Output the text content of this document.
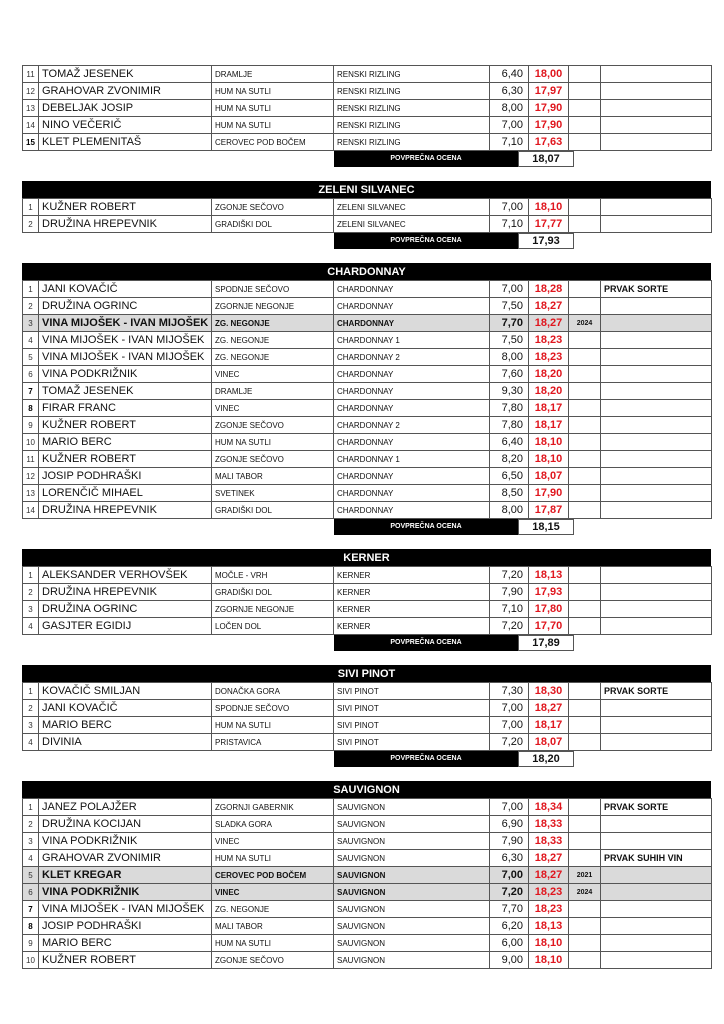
11	TOMAŽ JESENEK	DRAMLJE	RENSKI RIZLING	6,40	18,00		
12	GRAHOVAR ZVONIMIR	HUM NA SUTLI	RENSKI RIZLING	6,30	17,97		
13	DEBELJAK JOSIP	HUM NA SUTLI	RENSKI RIZLING	8,00	17,90		
14	NINO VEČERIČ	HUM NA SUTLI	RENSKI RIZLING	7,00	17,90		
15	KLET PLEMENITAŠ	CEROVEC POD BOČEM	RENSKI RIZLING	7,10	17,63		
POVPREČNA OCENA	18,07
ZELENI SILVANEC
1	KUŽNER ROBERT	ZGONJE SEČOVO	ZELENI SILVANEC	7,00	18,10		
2	DRUŽINA HREPEVNIK	GRADIŠKI DOL	ZELENI SILVANEC	7,10	17,77		
POVPREČNA OCENA	17,93
CHARDONNAY
1	JANI KOVAČIČ	SPODNJE SEČOVO	CHARDONNAY	7,00	18,28		PRVAK SORTE
2	DRUŽINA OGRINC	ZGORNJE NEGONJE	CHARDONNAY	7,50	18,27		
3	VINA MIJOŠEK - IVAN MIJOŠEK	ZG. NEGONJE	CHARDONNAY	7,70	18,27	2024	
4	VINA MIJOŠEK - IVAN MIJOŠEK	ZG. NEGONJE	CHARDONNAY 1	7,50	18,23		
5	VINA MIJOŠEK - IVAN MIJOŠEK	ZG. NEGONJE	CHARDONNAY 2	8,00	18,23		
6	VINA PODKRIŽNIK	VINEC	CHARDONNAY	7,60	18,20		
7	TOMAŽ JESENEK	DRAMLJE	CHARDONNAY	9,30	18,20		
8	FIRAR FRANC	VINEC	CHARDONNAY	7,80	18,17		
9	KUŽNER ROBERT	ZGONJE SEČOVO	CHARDONNAY 2	7,80	18,17		
10	MARIO BERC	HUM NA SUTLI	CHARDONNAY	6,40	18,10		
11	KUŽNER ROBERT	ZGONJE SEČOVO	CHARDONNAY 1	8,20	18,10		
12	JOSIP PODHRAŠKI	MALI TABOR	CHARDONNAY	6,50	18,07		
13	LORENČIČ MIHAEL	SVETINEK	CHARDONNAY	8,50	17,90		
14	DRUŽINA HREPEVNIK	GRADIŠKI DOL	CHARDONNAY	8,00	17,87		
POVPREČNA OCENA	18,15
KERNER
1	ALEKSANDER VERHOVŠEK	MOČLE - VRH	KERNER	7,20	18,13		
2	DRUŽINA HREPEVNIK	GRADIŠKI DOL	KERNER	7,90	17,93		
3	DRUŽINA OGRINC	ZGORNJE NEGONJE	KERNER	7,10	17,80		
4	GASJTER EGIDIJ	LOČEN DOL	KERNER	7,20	17,70		
POVPREČNA OCENA	17,89
SIVI PINOT
1	KOVAČIČ SMILJAN	DONAČKA GORA	SIVI PINOT	7,30	18,30		PRVAK SORTE
2	JANI KOVAČIČ	SPODNJE SEČOVO	SIVI PINOT	7,00	18,27		
3	MARIO BERC	HUM NA SUTLI	SIVI PINOT	7,00	18,17		
4	DIVINIA	PRISTAVICA	SIVI PINOT	7,20	18,07		
POVPREČNA OCENA	18,20
SAUVIGNON
1	JANEZ POLAJŽER	ZGORNJI GABERNIK	SAUVIGNON	7,00	18,34		PRVAK SORTE
2	DRUŽINA KOCIJAN	SLADKA GORA	SAUVIGNON	6,90	18,33		
3	VINA PODKRIŽNIK	VINEC	SAUVIGNON	7,90	18,33		
4	GRAHOVAR ZVONIMIR	HUM NA SUTLI	SAUVIGNON	6,30	18,27		PRVAK SUHIH VIN
5	KLET KREGAR	CEROVEC POD BOČEM	SAUVIGNON	7,00	18,27	2021	
6	VINA PODKRIŽNIK	VINEC	SAUVIGNON	7,20	18,23	2024	
7	VINA MIJOŠEK - IVAN MIJOŠEK	ZG. NEGONJE	SAUVIGNON	7,70	18,23		
8	JOSIP PODHRAŠKI	MALI TABOR	SAUVIGNON	6,20	18,13		
9	MARIO BERC	HUM NA SUTLI	SAUVIGNON	6,00	18,10		
10	KUŽNER ROBERT	ZGONJE SEČOVO	SAUVIGNON	9,00	18,10		
